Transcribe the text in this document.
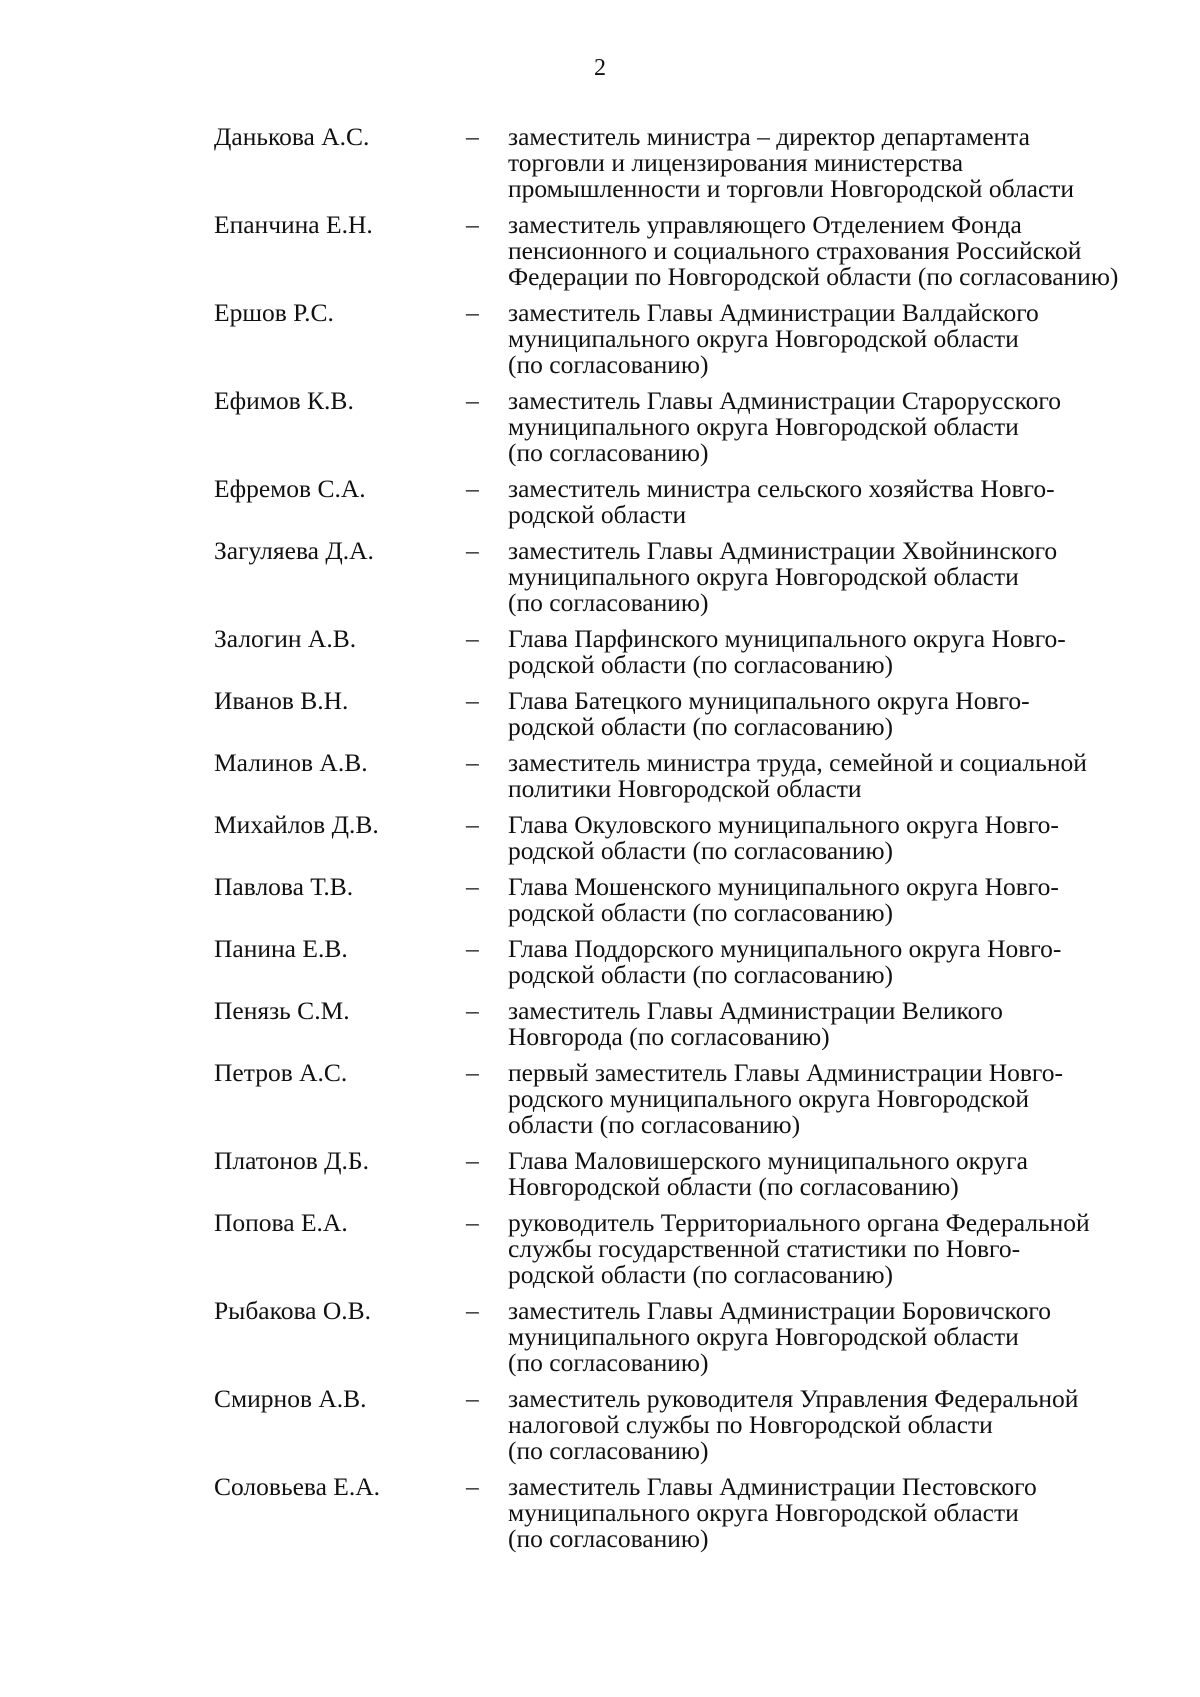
2
Данькова А.С.	– заместитель министра – директор департамента
торговли и лицензирования министерства
промышленности и торговли Новгородской области
Епанчина Е.Н.	– заместитель управляющего Отделением Фонда
пенсионного и социального страхования Российской
Федерации по Новгородской области (по согласованию)
Ершов Р.С.	– заместитель Главы Администрации Валдайского
муниципального округа Новгородской области
(по согласованию)
Ефимов К.В.	– заместитель Главы Администрации Старорусского
муниципального округа Новгородской области
(по согласованию)
Ефремов С.А.	– заместитель министра сельского хозяйства Новго-
родской области
Загуляева Д.А.	– заместитель Главы Администрации Хвойнинского
муниципального округа Новгородской области
(по согласованию)
Залогин А.В.	– Глава Парфинского муниципального округа Новго-
родской области (по согласованию)
Иванов В.Н.	– Глава Батецкого муниципального округа Новго-
родской области (по согласованию)
Малинов А.В.	– заместитель министра труда, семейной и социальной
политики Новгородской области
Михайлов Д.В.	– Глава Окуловского муниципального округа Новго-
родской области (по согласованию)
Павлова Т.В.	– Глава Мошенского муниципального округа Новго-
родской области (по согласованию)
Панина Е.В.	– Глава Поддорского муниципального округа Новго-
родской области (по согласованию)
Пенязь С.М.	– заместитель Главы Администрации Великого
Новгорода (по согласованию)
Петров А.С.	– первый заместитель Главы Администрации Новго-
родского муниципального округа Новгородской
области (по согласованию)
Платонов Д.Б.	– Глава Маловишерского муниципального округа
Новгородской области (по согласованию)
Попова Е.А.	– руководитель Территориального органа Федеральной
службы государственной статистики по Новго-
родской области (по согласованию)
Рыбакова О.В.	– заместитель Главы Администрации Боровичского
муниципального округа Новгородской области
(по согласованию)
Смирнов А.В.	– заместитель руководителя Управления Федеральной
налоговой службы по Новгородской области
(по согласованию)
Соловьева Е.А.	– заместитель Главы Администрации Пестовского
муниципального округа Новгородской области
(по согласованию)
